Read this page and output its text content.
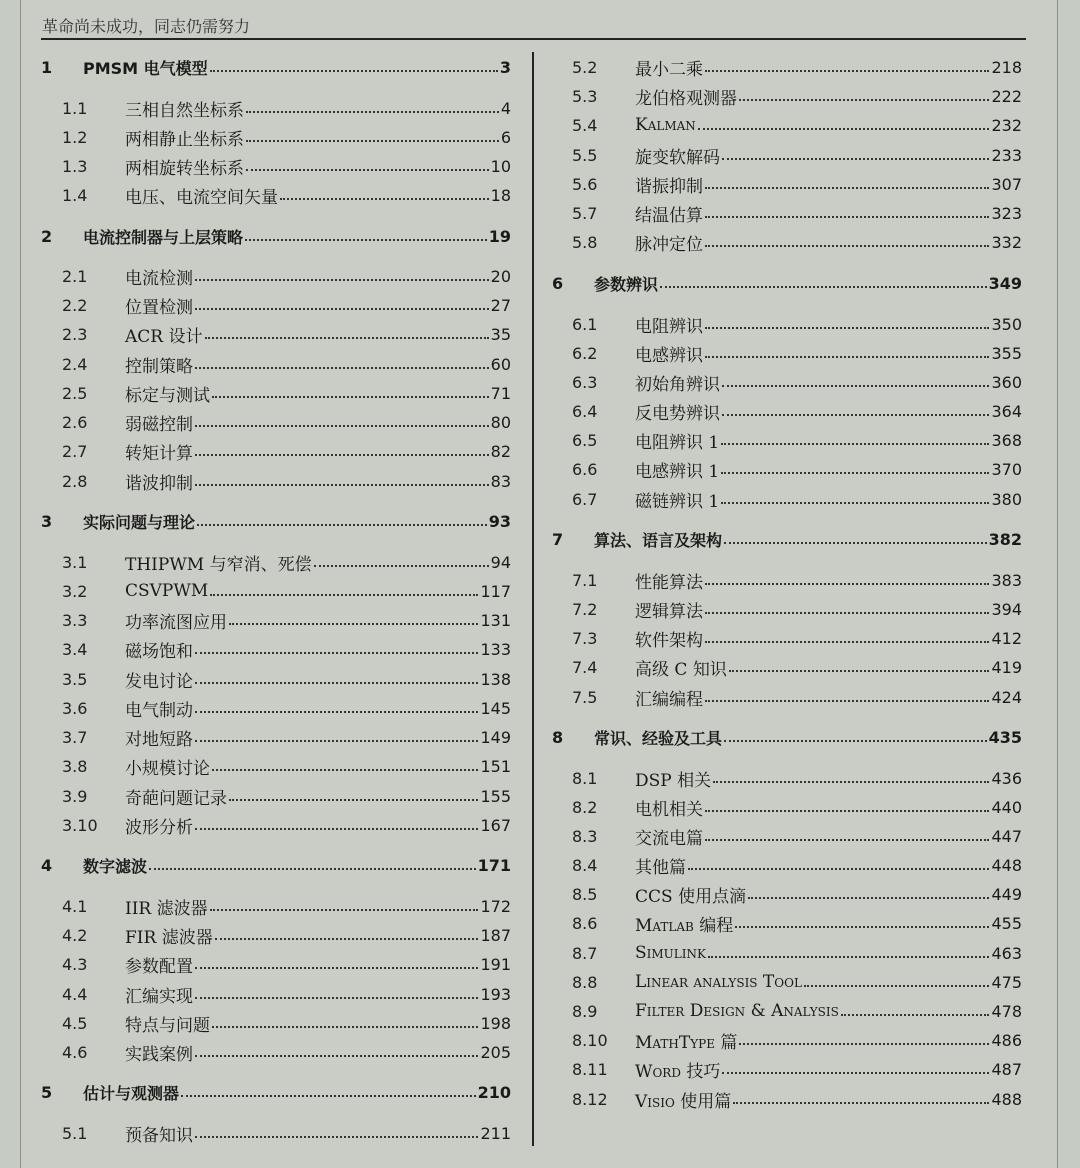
革命尚未成功，同志仍需努力
1	PMSM 电气模型	3
1.1	三相自然坐标系	4
1.2	两相静止坐标系	6
1.3	两相旋转坐标系	10
1.4	电压、电流空间矢量	18
2	电流控制器与上层策略	19
2.1	电流检测	20
2.2	位置检测	27
2.3	ACR 设计	35
2.4	控制策略	60
2.5	标定与测试	71
2.6	弱磁控制	80
2.7	转矩计算	82
2.8	谐波抑制	83
3	实际问题与理论	93
3.1	THIPWM 与窄消、死偿	94
3.2	CSVPWM	117
3.3	功率流图应用	131
3.4	磁场饱和	133
3.5	发电讨论	138
3.6	电气制动	145
3.7	对地短路	149
3.8	小规模讨论	151
3.9	奇葩问题记录	155
3.10	波形分析	167
4	数字滤波	171
4.1	IIR 滤波器	172
4.2	FIR 滤波器	187
4.3	参数配置	191
4.4	汇编实现	193
4.5	特点与问题	198
4.6	实践案例	205
5	估计与观测器	210
5.1	预备知识	211
5.2	最小二乘	218
5.3	龙伯格观测器	222
5.4	Kalman	232
5.5	旋变软解码	233
5.6	谐振抑制	307
5.7	结温估算	323
5.8	脉冲定位	332
6	参数辨识	349
6.1	电阻辨识	350
6.2	电感辨识	355
6.3	初始角辨识	360
6.4	反电势辨识	364
6.5	电阻辨识 1	368
6.6	电感辨识 1	370
6.7	磁链辨识 1	380
7	算法、语言及架构	382
7.1	性能算法	383
7.2	逻辑算法	394
7.3	软件架构	412
7.4	高级 C 知识	419
7.5	汇编编程	424
8	常识、经验及工具	435
8.1	DSP 相关	436
8.2	电机相关	440
8.3	交流电篇	447
8.4	其他篇	448
8.5	CCS 使用点滴	449
8.6	Matlab 编程	455
8.7	Simulink	463
8.8	Linear analysis Tool	475
8.9	Filter Design & Analysis	478
8.10	MathType 篇	486
8.11	Word 技巧	487
8.12	Visio 使用篇	488
